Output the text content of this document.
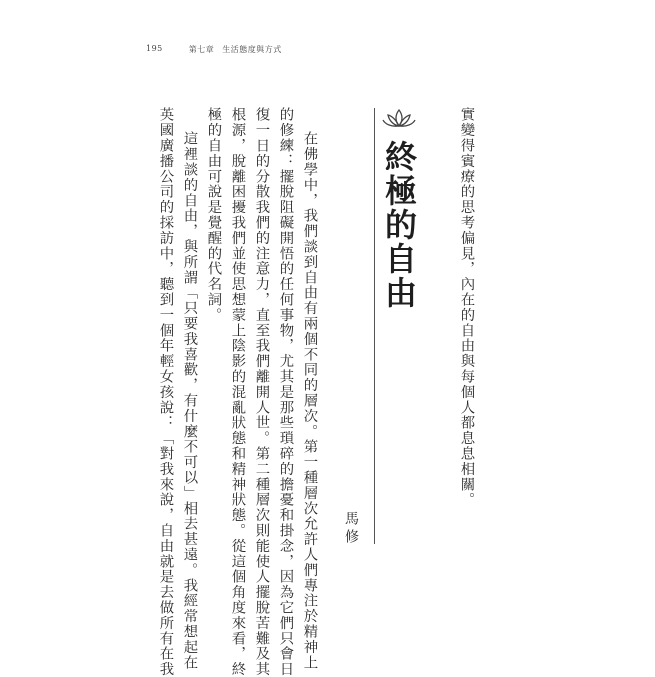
195	第七章 生活態度與方式
實變得賓療的思考偏見，內在的自由與每個人都息息相關。
終極的自由
馬修
在佛學中，我們談到自由有兩個不同的層次。第一種層次允許人們專注於精神上
的修練：擺脫阻礙開悟的任何事物，尤其是那些瑣碎的擔憂和掛念，因為它們只會日
復一日的分散我們的注意力，直至我們離開人世。第二種層次則能使人擺脫苦難及其
根源，脫離困擾我們並使思想蒙上陰影的混亂狀態和精神狀態。從這個角度來看，終
極的自由可說是覺醒的代名詞。
這裡談的自由，與所謂「只要我喜歡，有什麼不可以」相去甚遠。我經常想起在
英國廣播公司的採訪中，聽到一個年輕女孩說：「對我來說，自由就是去做所有在我
